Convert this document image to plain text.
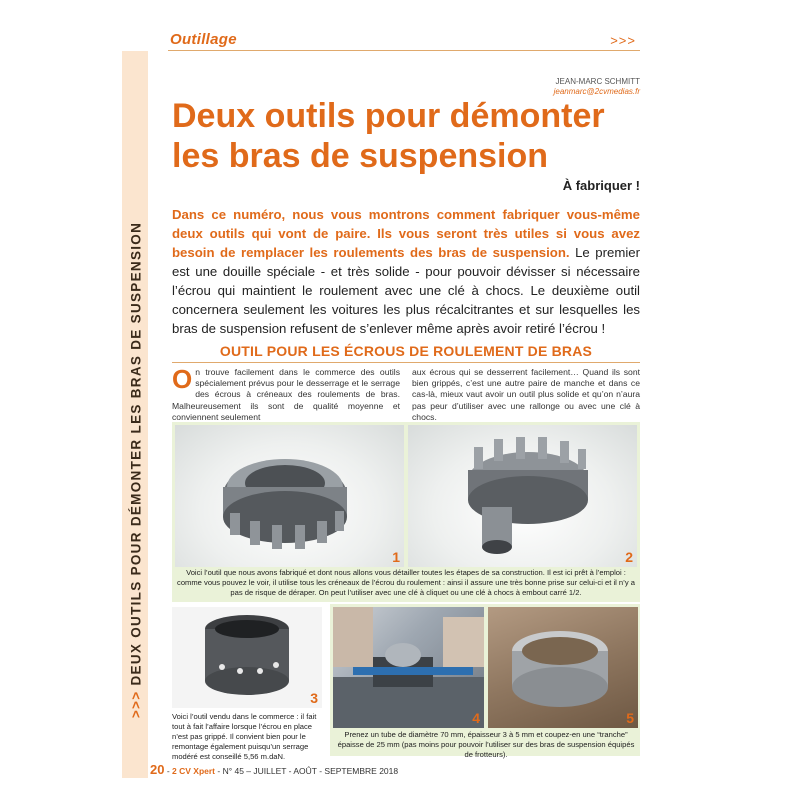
>>> DEUX OUTILS POUR DÉMONTER LES BRAS DE SUSPENSION
Outillage	>>>
JEAN-MARC SCHMITT
jeanmarc@2cvmedias.fr
Deux outils pour démonter les bras de suspension
À fabriquer !

Dans ce numéro, nous vous montrons comment fabriquer vous-même deux outils qui vont de paire. Ils vous seront très utiles si vous avez besoin de remplacer les roulements des bras de suspension. Le premier est une douille spéciale - et très solide - pour pouvoir dévisser si nécessaire l’écrou qui maintient le roulement avec une clé à chocs. Le deuxième outil concernera seulement les voitures les plus récalcitrantes et sur lesquelles les bras de suspension refusent de s’enlever même après avoir retiré l’écrou !

OUTIL POUR LES ÉCROUS DE ROULEMENT DE BRAS
O n trouve facilement dans le commerce des outils spécialement prévus pour le desserrage et le serrage des écrous à créneaux des roulements de bras. Malheureusement ils sont de qualité moyenne et conviennent seulement
aux écrous qui se desserrent facilement… Quand ils sont bien grippés, c’est une autre paire de manche et dans ce cas-là, mieux vaut avoir un outil plus solide et qu’on n’aura pas peur d’utiliser avec une rallonge ou avec une clé à chocs.
1	2
Voici l’outil que nous avons fabriqué et dont nous allons vous détailler toutes les étapes de sa construction. Il est ici prêt à l’emploi : comme vous pouvez le voir, il utilise tous les créneaux de l’écrou du roulement : ainsi il assure une très bonne prise sur celui-ci et il n’y a pas de risque de déraper. On peut l’utiliser avec une clé à cliquet ou une clé à chocs à embout carré 1/2.
3
Voici l’outil vendu dans le commerce : il fait tout à fait l’affaire lorsque l’écrou en place n’est pas grippé. Il convient bien pour le remontage également puisqu’un serrage modéré est conseillé 5,56 m.daN.
4	5
Prenez un tube de diamètre 70 mm, épaisseur 3 à 5 mm et coupez-en une “tranche” épaisse de 25 mm (pas moins pour pouvoir l’utiliser sur des bras de suspension équipés de frotteurs).
20 - 2 CV Xpert - N° 45 – JUILLET - AOÛT - SEPTEMBRE 2018
